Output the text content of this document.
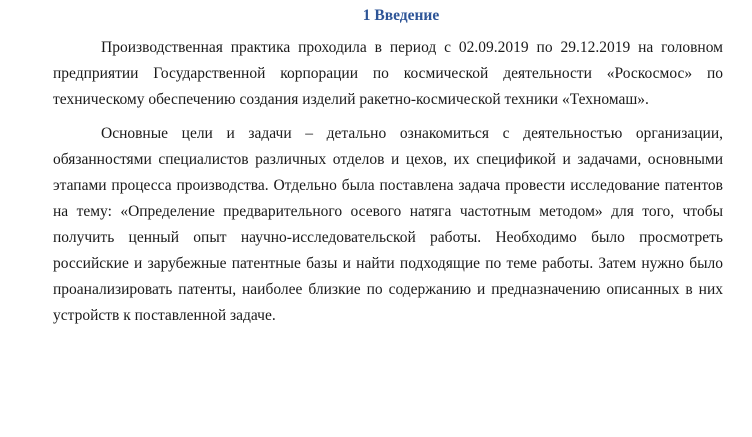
1 Введение

Производственная практика проходила в период с 02.09.2019 по 29.12.2019 на головном предприятии Государственной корпорации по космической деятельности «Роскосмос» по техническому обеспечению создания изделий ракетно-космической техники «Техномаш».

Основные цели и задачи – детально ознакомиться с деятельностью организации, обязанностями специалистов различных отделов и цехов, их спецификой и задачами, основными этапами процесса производства. Отдельно была поставлена задача провести исследование патентов на тему: «Определение предварительного осевого натяга частотным методом» для того, чтобы получить ценный опыт научно-исследовательской работы. Необходимо было просмотреть российские и зарубежные патентные базы и найти подходящие по теме работы. Затем нужно было проанализировать патенты, наиболее близкие по содержанию и предназначению описанных в них устройств к поставленной задаче.
